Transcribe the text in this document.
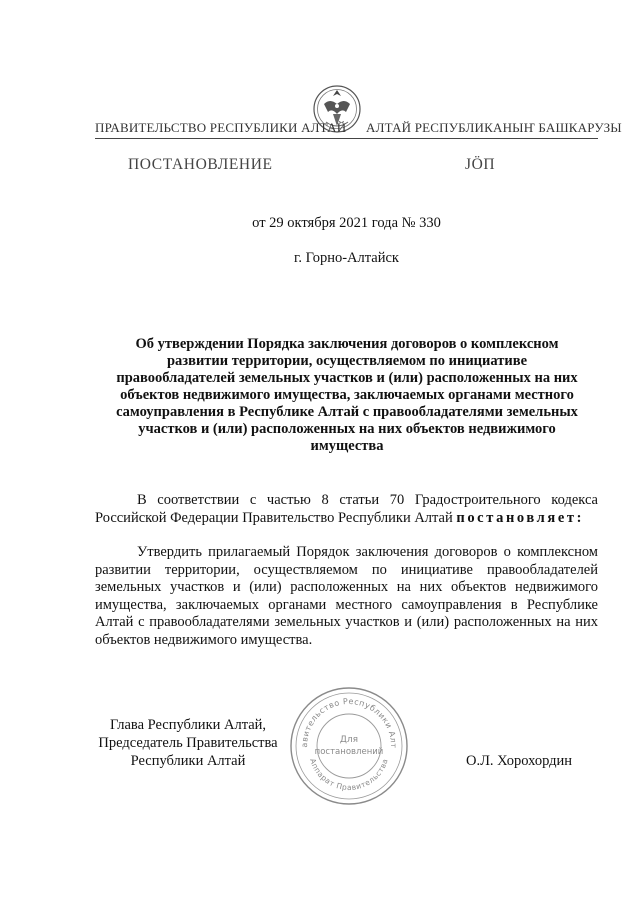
ПРАВИТЕЛЬСТВО РЕСПУБЛИКИ АЛТАЙ АЛТАЙ РЕСПУБЛИКАНЫҤ БАШКАРУЗЫ
ПОСТАНОВЛЕНИЕ	ЈӦП
от 29 октября 2021 года № 330
г. Горно-Алтайск
Об утверждении Порядка заключения договоров о комплексном развитии территории, осуществляемом по инициативе правообладателей земельных участков и (или) расположенных на них объектов недвижимого имущества, заключаемых органами местного самоуправления в Республике Алтай с правообладателями земельных участков и (или) расположенных на них объектов недвижимого имущества
В соответствии с частью 8 статьи 70 Градостроительного кодекса Российской Федерации Правительство Республики Алтай постановляет:
Утвердить прилагаемый Порядок заключения договоров о комплексном развитии территории, осуществляемом по инициативе правообладателей земельных участков и (или) расположенных на них объектов недвижимого имущества, заключаемых органами местного самоуправления в Республике Алтай с правообладателями земельных участков и (или) расположенных на них объектов недвижимого имущества.
Глава Республики Алтай,
Председатель Правительства
Республики Алтай	О.Л. Хорохордин
авительство Республики Алт
Аппарат Правительства
Для
постановлений
